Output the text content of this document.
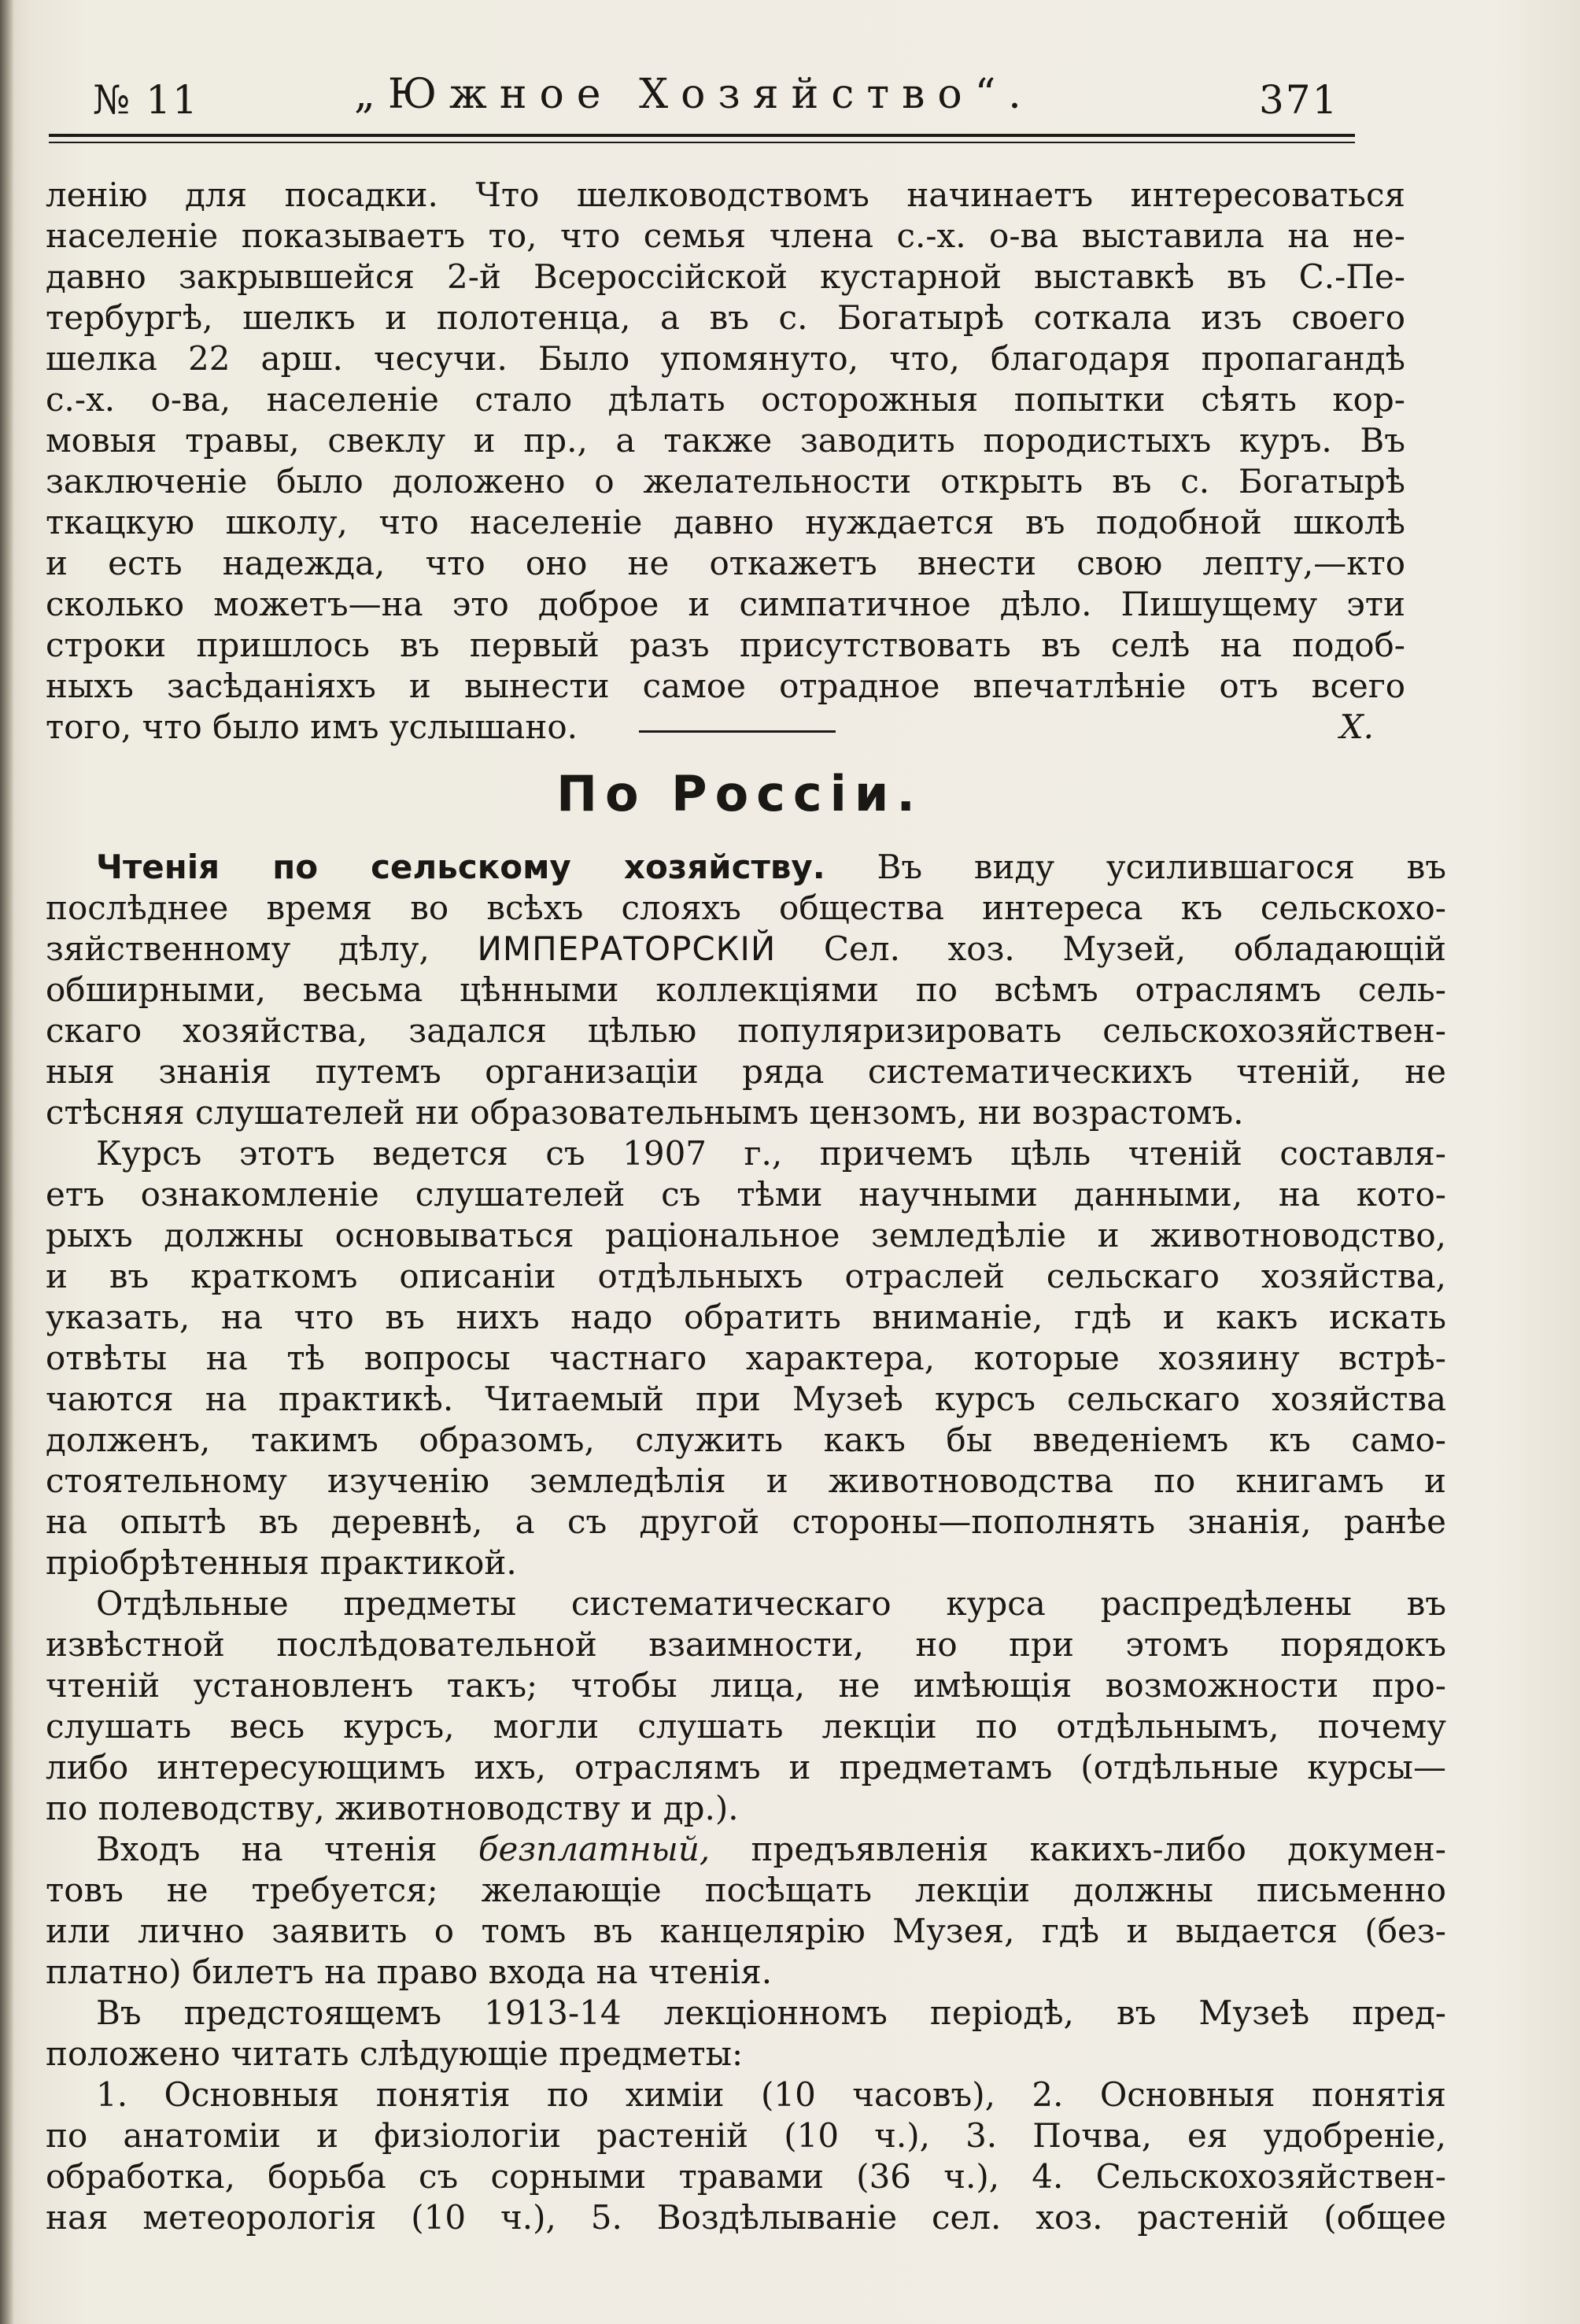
№ 11	„Южное Хозяйство“.	371
ленію для посадки. Что шелководствомъ начинаетъ интересоваться
населеніе показываетъ то, что семья члена с.-х. о-ва выставила на не-
давно закрывшейся 2-й Всероссійской кустарной выставкѣ въ С.-Пе-
тербургѣ, шелкъ и полотенца, а въ с. Богатырѣ соткала изъ своего
шелка 22 арш. чесучи. Было упомянуто, что, благодаря пропагандѣ
с.-х. о-ва, населеніе стало дѣлать осторожныя попытки сѣять кор-
мовыя травы, свеклу и пр., а также заводить породистыхъ куръ. Въ
заключеніе было доложено о желательности открыть въ с. Богатырѣ
ткацкую школу, что населеніе давно нуждается въ подобной школѣ
и есть надежда, что оно не откажетъ внести свою лепту,—кто
сколько можетъ—на это доброе и симпатичное дѣло. Пишущему эти
строки пришлось въ первый разъ присутствовать въ селѣ на подоб-
ныхъ засѣданіяхъ и вынести самое отрадное впечатлѣніе отъ всего
того, что было имъ услышано.	Х.
По Россіи.
Чтенія по сельскому хозяйству. Въ виду усилившагося въ
послѣднее время во всѣхъ слояхъ общества интереса къ сельскохо-
зяйственному дѣлу, ИМПЕРАТОРСКІЙ Сел. хоз. Музей, обладающій
обширными, весьма цѣнными коллекціями по всѣмъ отраслямъ сель-
скаго хозяйства, задался цѣлью популяризировать сельскохозяйствен-
ныя знанія путемъ организаціи ряда систематическихъ чтеній, не
стѣсняя слушателей ни образовательнымъ цензомъ, ни возрастомъ.
Курсъ этотъ ведется съ 1907 г., причемъ цѣль чтеній составля-
етъ ознакомленіе слушателей съ тѣми научными данными, на кото-
рыхъ должны основываться раціональное земледѣліе и животноводство,
и въ краткомъ описаніи отдѣльныхъ отраслей сельскаго хозяйства,
указать, на что въ нихъ надо обратить вниманіе, гдѣ и какъ искать
отвѣты на тѣ вопросы частнаго характера, которые хозяину встрѣ-
чаются на практикѣ. Читаемый при Музеѣ курсъ сельскаго хозяйства
долженъ, такимъ образомъ, служить какъ бы введеніемъ къ само-
стоятельному изученію земледѣлія и животноводства по книгамъ и
на опытѣ въ деревнѣ, а съ другой стороны—пополнять знанія, ранѣе
пріобрѣтенныя практикой.
Отдѣльные предметы систематическаго курса распредѣлены въ
извѣстной послѣдовательной взаимности, но при этомъ порядокъ
чтеній установленъ такъ; чтобы лица, не имѣющія возможности про-
слушать весь курсъ, могли слушать лекціи по отдѣльнымъ, почему
либо интересующимъ ихъ, отраслямъ и предметамъ (отдѣльные курсы—
по полеводству, животноводству и др.).
Входъ на чтенія безплатный, предъявленія какихъ-либо докумен-
товъ не требуется; желающіе посѣщать лекціи должны письменно
или лично заявить о томъ въ канцелярію Музея, гдѣ и выдается (без-
платно) билетъ на право входа на чтенія.
Въ предстоящемъ 1913-14 лекціонномъ періодѣ, въ Музеѣ пред-
положено читать слѣдующіе предметы:
1. Основныя понятія по химіи (10 часовъ), 2. Основныя понятія
по анатоміи и физіологіи растеній (10 ч.), 3. Почва, ея удобреніе,
обработка, борьба съ сорными травами (36 ч.), 4. Сельскохозяйствен-
ная метеорологія (10 ч.), 5. Воздѣлываніе сел. хоз. растеній (общее
